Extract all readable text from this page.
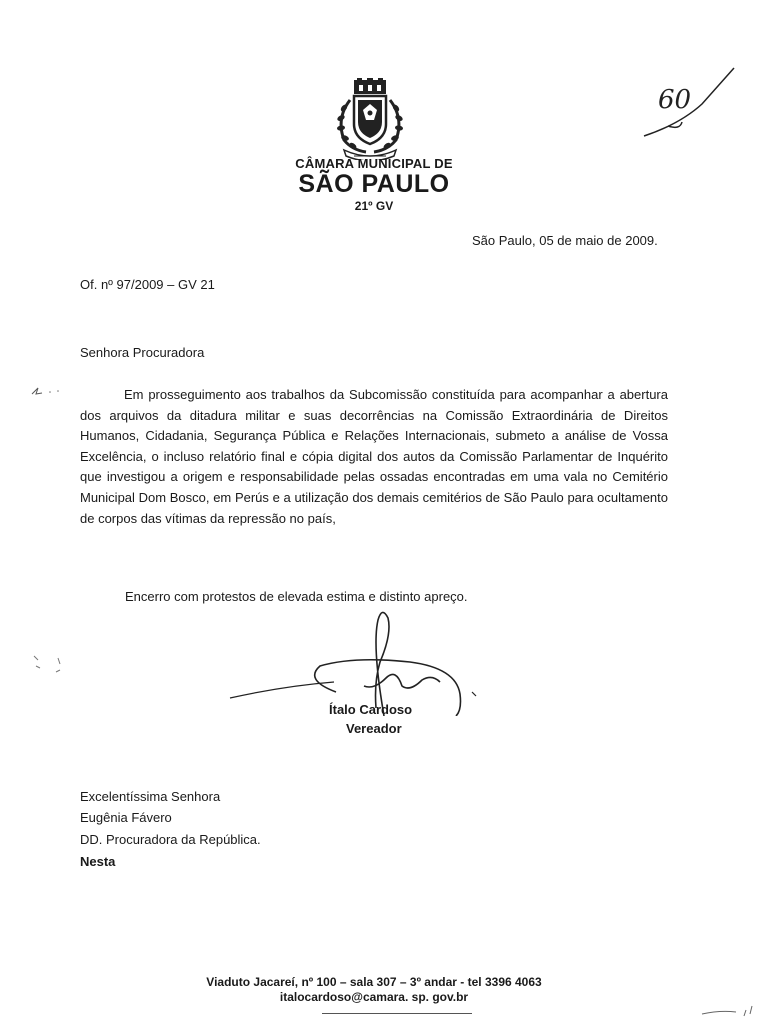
CÂMARA MUNICIPAL DE
SÃO PAULO
21º GV
60
São Paulo, 05 de maio de 2009.
Of. nº 97/2009 – GV 21
Senhora Procuradora
Em prosseguimento aos trabalhos da Subcomissão constituída para acompanhar a abertura dos arquivos da ditadura militar e suas decorrências na Comissão Extraordinária de Direitos Humanos, Cidadania, Segurança Pública e Relações Internacionais, submeto a análise de Vossa Excelência, o incluso relatório final e cópia digital dos autos da Comissão Parlamentar de Inquérito que investigou a origem e responsabilidade pelas ossadas encontradas em uma vala no Cemitério Municipal Dom Bosco, em Perús e a utilização dos demais cemitérios de São Paulo para ocultamento de corpos das vítimas da repressão no país,
Encerro com protestos de elevada estima e distinto apreço.
Ítalo Cardoso
Vereador
Excelentíssima Senhora
Eugênia Fávero
DD. Procuradora da República.
Nesta
Viaduto Jacareí, nº 100 – sala 307 – 3º andar - tel 3396 4063
italocardoso@camara. sp. gov.br
